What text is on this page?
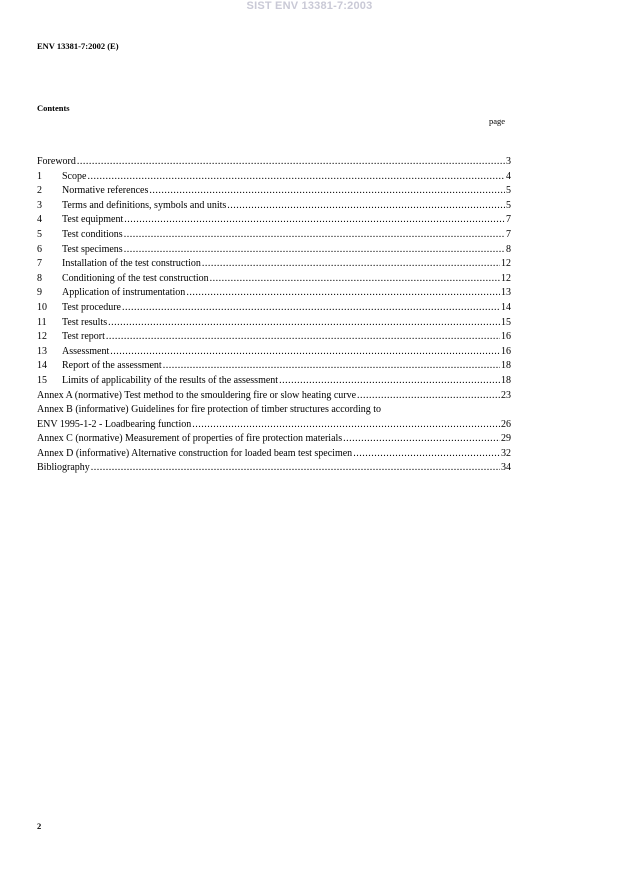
SIST ENV 13381-7:2003
ENV 13381-7:2002 (E)
Contents
page
Foreword .....	3
1	Scope .....	4
2	Normative references .....	5
3	Terms and definitions, symbols and units .....	5
4	Test equipment .....	7
5	Test conditions .....	7
6	Test specimens .....	8
7	Installation of the test construction .....	12
8	Conditioning of the test construction .....	12
9	Application of instrumentation .....	13
10	Test procedure .....	14
11	Test results .....	15
12	Test report .....	16
13	Assessment .....	16
14	Report of the assessment .....	18
15	Limits of applicability of the results of the assessment .....	18
Annex A (normative) Test method to the smouldering fire or slow heating curve .....	23
Annex B (informative) Guidelines for fire protection of timber structures according to
ENV 1995-1-2 - Loadbearing function .....	26
Annex C (normative) Measurement of properties of fire protection materials .....	29
Annex D (informative) Alternative construction for loaded beam test specimen .....	32
Bibliography .....	34
2
